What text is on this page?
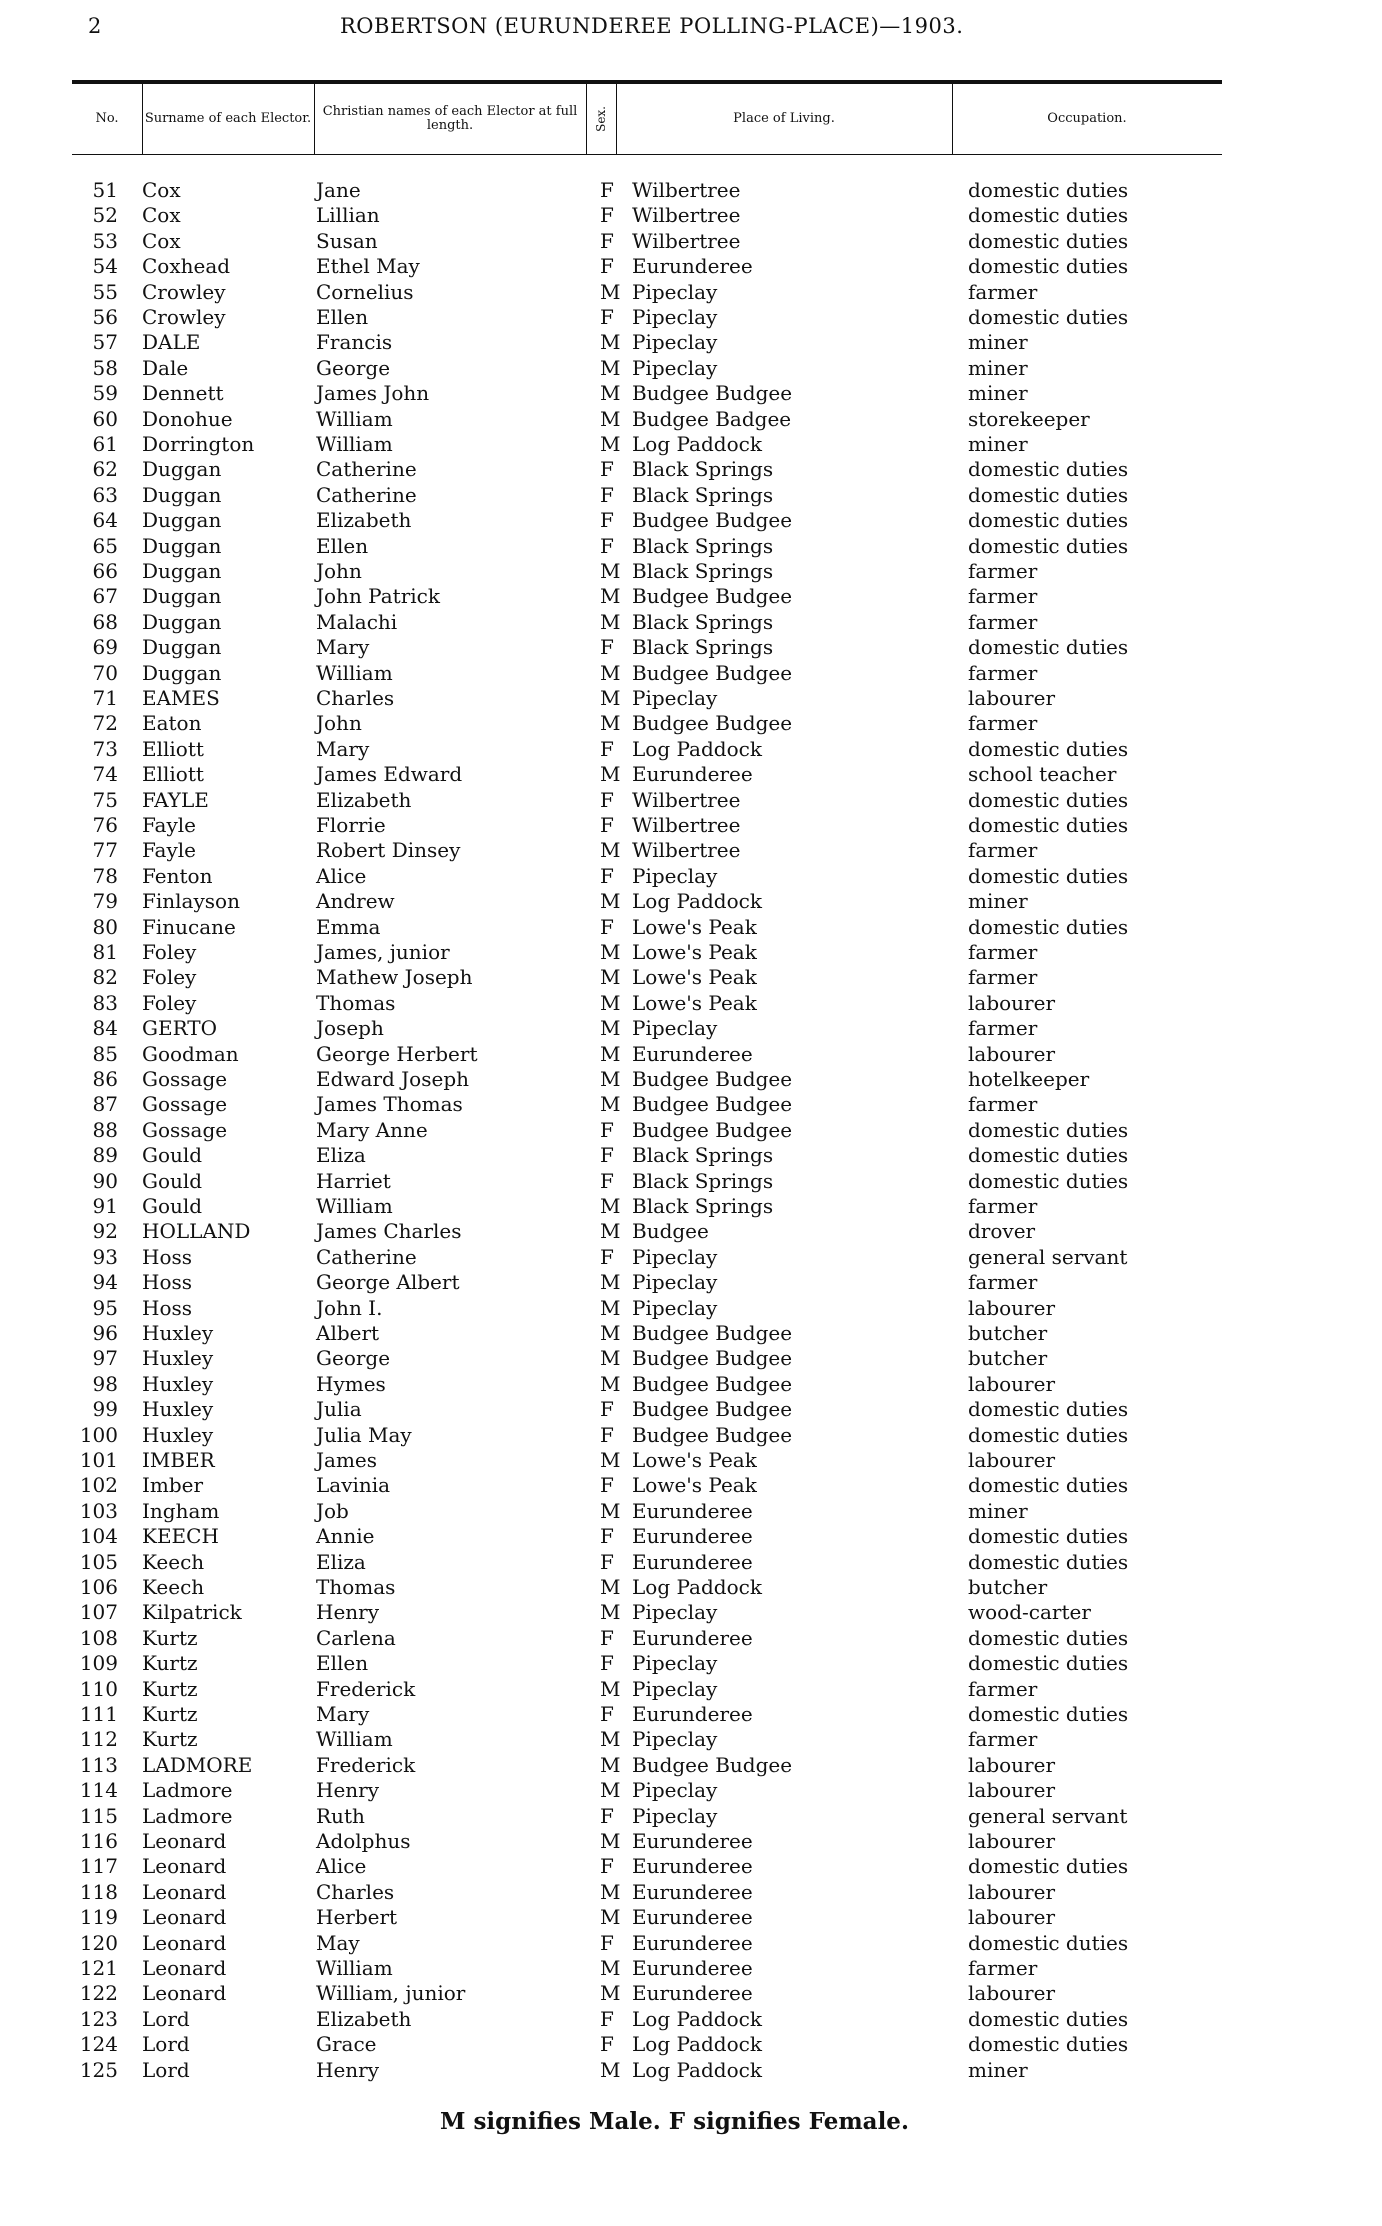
2	ROBERTSON (EURUNDEREE POLLING-PLACE)—1903.
No.	Surname of each Elector. Christian names of each Elector at full length.	Sex.	Place of Living.	Occupation.
51 Cox	Jane	F Wilbertree	domestic duties
52 Cox	Lillian	F Wilbertree	domestic duties
53 Cox	Susan	F Wilbertree	domestic duties
54 Coxhead	Ethel May	F Eurunderee	domestic duties
55 Crowley	Cornelius	M Pipeclay	farmer
56 Crowley	Ellen	F Pipeclay	domestic duties
57 DALE	Francis	M Pipeclay	miner
58 Dale	George	M Pipeclay	miner
59 Dennett	James John	M Budgee Budgee	miner
60 Donohue	William	M Budgee Badgee	storekeeper
61 Dorrington	William	M Log Paddock	miner
62 Duggan	Catherine	F Black Springs	domestic duties
63 Duggan	Catherine	F Black Springs	domestic duties
64 Duggan	Elizabeth	F Budgee Budgee	domestic duties
65 Duggan	Ellen	F Black Springs	domestic duties
66 Duggan	John	M Black Springs	farmer
67 Duggan	John Patrick	M Budgee Budgee	farmer
68 Duggan	Malachi	M Black Springs	farmer
69 Duggan	Mary	F Black Springs	domestic duties
70 Duggan	William	M Budgee Budgee	farmer
71 EAMES	Charles	M Pipeclay	labourer
72 Eaton	John	M Budgee Budgee	farmer
73 Elliott	Mary	F Log Paddock	domestic duties
74 Elliott	James Edward	M Eurunderee	school teacher
75 FAYLE	Elizabeth	F Wilbertree	domestic duties
76 Fayle	Florrie	F Wilbertree	domestic duties
77 Fayle	Robert Dinsey	M Wilbertree	farmer
78 Fenton	Alice	F Pipeclay	domestic duties
79 Finlayson	Andrew	M Log Paddock	miner
80 Finucane	Emma	F Lowe's Peak	domestic duties
81 Foley	James, junior	M Lowe's Peak	farmer
82 Foley	Mathew Joseph	M Lowe's Peak	farmer
83 Foley	Thomas	M Lowe's Peak	labourer
84 GERTO	Joseph	M Pipeclay	farmer
85 Goodman	George Herbert	M Eurunderee	labourer
86 Gossage	Edward Joseph	M Budgee Budgee	hotelkeeper
87 Gossage	James Thomas	M Budgee Budgee	farmer
88 Gossage	Mary Anne	F Budgee Budgee	domestic duties
89 Gould	Eliza	F Black Springs	domestic duties
90 Gould	Harriet	F Black Springs	domestic duties
91 Gould	William	M Black Springs	farmer
92 HOLLAND	James Charles	M Budgee	drover
93 Hoss	Catherine	F Pipeclay	general servant
94 Hoss	George Albert	M Pipeclay	farmer
95 Hoss	John I.	M Pipeclay	labourer
96 Huxley	Albert	M Budgee Budgee	butcher
97 Huxley	George	M Budgee Budgee	butcher
98 Huxley	Hymes	M Budgee Budgee	labourer
99 Huxley	Julia	F Budgee Budgee	domestic duties
100 Huxley	Julia May	F Budgee Budgee	domestic duties
101 IMBER	James	M Lowe's Peak	labourer
102 Imber	Lavinia	F Lowe's Peak	domestic duties
103 Ingham	Job	M Eurunderee	miner
104 KEECH	Annie	F Eurunderee	domestic duties
105 Keech	Eliza	F Eurunderee	domestic duties
106 Keech	Thomas	M Log Paddock	butcher
107 Kilpatrick	Henry	M Pipeclay	wood-carter
108 Kurtz	Carlena	F Eurunderee	domestic duties
109 Kurtz	Ellen	F Pipeclay	domestic duties
110 Kurtz	Frederick	M Pipeclay	farmer
111 Kurtz	Mary	F Eurunderee	domestic duties
112 Kurtz	William	M Pipeclay	farmer
113 LADMORE	Frederick	M Budgee Budgee	labourer
114 Ladmore	Henry	M Pipeclay	labourer
115 Ladmore	Ruth	F Pipeclay	general servant
116 Leonard	Adolphus	M Eurunderee	labourer
117 Leonard	Alice	F Eurunderee	domestic duties
118 Leonard	Charles	M Eurunderee	labourer
119 Leonard	Herbert	M Eurunderee	labourer
120 Leonard	May	F Eurunderee	domestic duties
121 Leonard	William	M Eurunderee	farmer
122 Leonard	William, junior	M Eurunderee	labourer
123 Lord	Elizabeth	F Log Paddock	domestic duties
124 Lord	Grace	F Log Paddock	domestic duties
125 Lord	Henry	M Log Paddock	miner
M signifies Male. F signifies Female.
